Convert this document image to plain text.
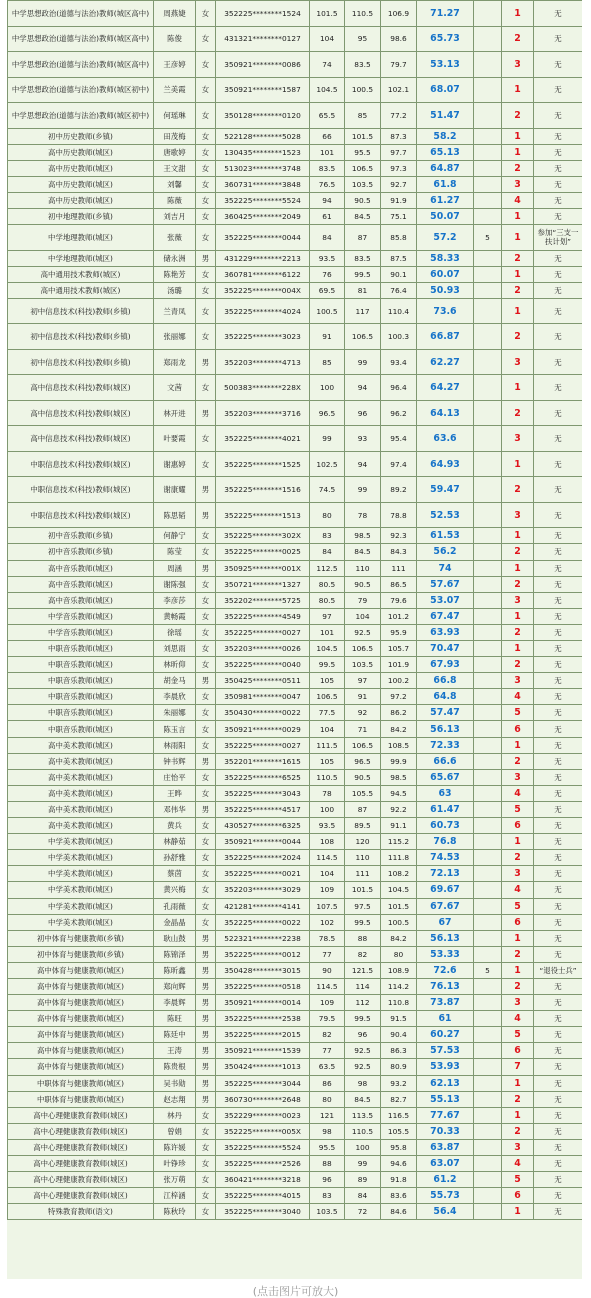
中学思想政治(道德与法治)教师(城区高中)	周燕婕	女	352225********1524	101.5	110.5	106.9	71.27		1	无
中学思想政治(道德与法治)教师(城区高中)	陈俊	女	431321********0127	104	95	98.6	65.73		2	无
中学思想政治(道德与法治)教师(城区高中)	王彦婷	女	350921********0086	74	83.5	79.7	53.13		3	无
中学思想政治(道德与法治)教师(城区初中)	兰美霞	女	350921********1587	104.5	100.5	102.1	68.07		1	无
中学思想政治(道德与法治)教师(城区初中)	何瑶琳	女	350128********0120	65.5	85	77.2	51.47		2	无
初中历史教师(乡镇)	田茂梅	女	522128********5028	66	101.5	87.3	58.2		1	无
高中历史教师(城区)	唐歌婷	女	130435********1523	101	95.5	97.7	65.13		1	无
高中历史教师(城区)	王文甜	女	513023********3748	83.5	106.5	97.3	64.87		2	无
高中历史教师(城区)	刘馨	女	360731********3848	76.5	103.5	92.7	61.8		3	无
高中历史教师(城区)	陈薇	女	352225********5524	94	90.5	91.9	61.27		4	无
初中地理教师(乡镇)	刘吉月	女	360425********2049	61	84.5	75.1	50.07		1	无
中学地理教师(城区)	张薇	女	352225********0044	84	87	85.8	57.2	5	1	参加“三支一扶计划”
中学地理教师(城区)	储永洲	男	431229********2213	93.5	83.5	87.5	58.33		2	无
高中通用技术教师(城区)	陈艳芳	女	360781********6122	76	99.5	90.1	60.07		1	无
高中通用技术教师(城区)	汤璐	女	352225********004X	69.5	81	76.4	50.93		2	无
初中信息技术(科技)教师(乡镇)	兰青凤	女	352225********4024	100.5	117	110.4	73.6		1	无
初中信息技术(科技)教师(乡镇)	张丽娜	女	352225********3023	91	106.5	100.3	66.87		2	无
初中信息技术(科技)教师(乡镇)	郑雨龙	男	352203********4713	85	99	93.4	62.27		3	无
高中信息技术(科技)教师(城区)	文茜	女	500383********228X	100	94	96.4	64.27		1	无
高中信息技术(科技)教师(城区)	林开进	男	352203********3716	96.5	96	96.2	64.13		2	无
高中信息技术(科技)教师(城区)	叶要霞	女	352225********4021	99	93	95.4	63.6		3	无
中职信息技术(科技)教师(城区)	谢惠婷	女	352225********1525	102.5	94	97.4	64.93		1	无
中职信息技术(科技)教师(城区)	谢康耀	男	352225********1516	74.5	99	89.2	59.47		2	无
中职信息技术(科技)教师(城区)	陈思韬	男	352225********1513	80	78	78.8	52.53		3	无
初中音乐教师(乡镇)	何静宁	女	352225********302X	83	98.5	92.3	61.53		1	无
初中音乐教师(乡镇)	陈莹	女	352225********0025	84	84.5	84.3	56.2		2	无
高中音乐教师(城区)	周涵	男	350925********001X	112.5	110	111	74		1	无
高中音乐教师(城区)	谢陈强	女	350721********1327	80.5	90.5	86.5	57.67		2	无
高中音乐教师(城区)	李彦莎	女	352202********5725	80.5	79	79.6	53.07		3	无
中学音乐教师(城区)	黄畅霞	女	352225********4549	97	104	101.2	67.47		1	无
中学音乐教师(城区)	徐瑶	女	352225********0027	101	92.5	95.9	63.93		2	无
中职音乐教师(城区)	刘思雨	女	352203********0026	104.5	106.5	105.7	70.47		1	无
中职音乐教师(城区)	林昕仰	女	352225********0040	99.5	103.5	101.9	67.93		2	无
中职音乐教师(城区)	胡金马	男	350425********0511	105	97	100.2	66.8		3	无
中职音乐教师(城区)	李晨欣	女	350981********0047	106.5	91	97.2	64.8		4	无
中职音乐教师(城区)	朱丽娜	女	350430********0022	77.5	92	86.2	57.47		5	无
中职音乐教师(城区)	陈玉言	女	350921********0029	104	71	84.2	56.13		6	无
高中美术教师(城区)	林雨阳	女	352225********0027	111.5	106.5	108.5	72.33		1	无
高中美术教师(城区)	钟书辉	男	352201********1615	105	96.5	99.9	66.6		2	无
高中美术教师(城区)	庄怡平	女	352225********6525	110.5	90.5	98.5	65.67		3	无
高中美术教师(城区)	王晔	女	352225********3043	78	105.5	94.5	63		4	无
高中美术教师(城区)	邓伟华	男	352225********4517	100	87	92.2	61.47		5	无
高中美术教师(城区)	黄兵	女	430527********6325	93.5	89.5	91.1	60.73		6	无
中学美术教师(城区)	林静茹	女	350921********0044	108	120	115.2	76.8		1	无
中学美术教师(城区)	孙舒雅	女	352225********2024	114.5	110	111.8	74.53		2	无
中学美术教师(城区)	蔡茵	女	352225********0021	104	111	108.2	72.13		3	无
中学美术教师(城区)	黄兴梅	女	352203********3029	109	101.5	104.5	69.67		4	无
中学美术教师(城区)	孔雨薇	女	421281********4141	107.5	97.5	101.5	67.67		5	无
中学美术教师(城区)	金晶晶	女	352225********0022	102	99.5	100.5	67		6	无
初中体育与健康教师(乡镇)	耿山鼓	男	522321********2238	78.5	88	84.2	56.13		1	无
初中体育与健康教师(乡镇)	陈锦泽	男	352225********0012	77	82	80	53.33		2	无
高中体育与健康教师(城区)	陈昕鑫	男	350428********3015	90	121.5	108.9	72.6	5	1	“退役士兵”
高中体育与健康教师(城区)	郑向辉	男	352225********0518	114.5	114	114.2	76.13		2	无
高中体育与健康教师(城区)	李晨辉	男	350921********0014	109	112	110.8	73.87		3	无
高中体育与健康教师(城区)	陈旺	男	352225********2538	79.5	99.5	91.5	61		4	无
高中体育与健康教师(城区)	陈廷中	男	352225********2015	82	96	90.4	60.27		5	无
高中体育与健康教师(城区)	王涛	男	350921********1539	77	92.5	86.3	57.53		6	无
高中体育与健康教师(城区)	陈贵根	男	350424********1013	63.5	92.5	80.9	53.93		7	无
中职体育与健康教师(城区)	吴书勋	男	352225********3044	86	98	93.2	62.13		1	无
中职体育与健康教师(城区)	赵志翔	男	360730********2648	80	84.5	82.7	55.13		2	无
高中心理健康教育教师(城区)	林丹	女	352229********0023	121	113.5	116.5	77.67		1	无
高中心理健康教育教师(城区)	曾娟	女	352225********005X	98	110.5	105.5	70.33		2	无
高中心理健康教育教师(城区)	陈许媛	女	352225********5524	95.5	100	95.8	63.87		3	无
高中心理健康教育教师(城区)	叶铮珍	女	352225********2526	88	99	94.6	63.07		4	无
高中心理健康教育教师(城区)	张万萌	女	360421********3218	96	89	91.8	61.2		5	无
高中心理健康教育教师(城区)	江梓涵	女	352225********4015	83	84	83.6	55.73		6	无
特殊教育教师(语文)	陈秋玲	女	352225********3040	103.5	72	84.6	56.4		1	无
(点击图片可放大)
